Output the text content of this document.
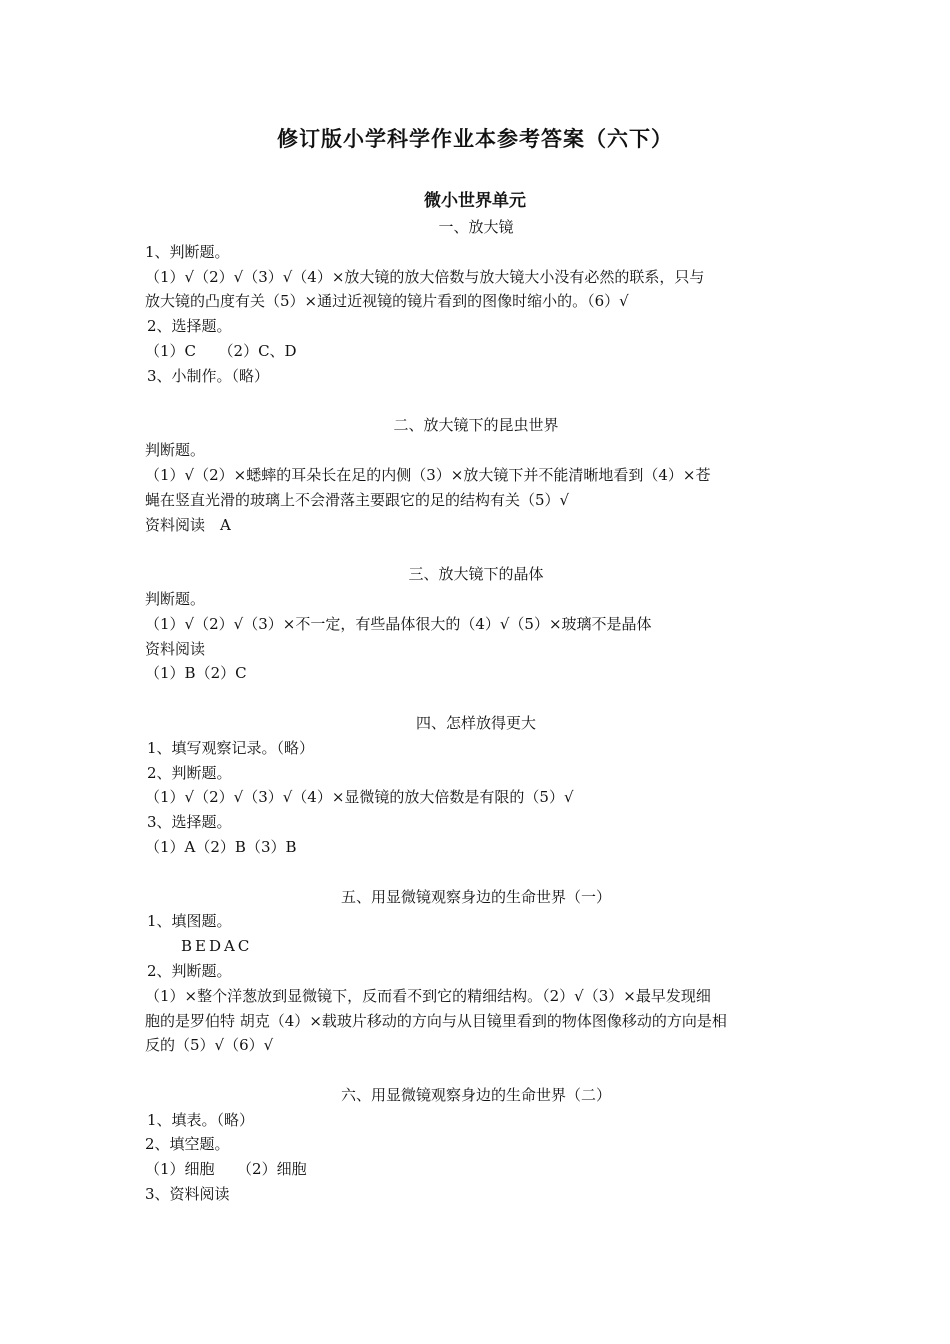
修订版小学科学作业本参考答案（六下）
微小世界单元
一、放大镜
1、判断题。
（1）√（2）√（3）√（4）×放大镜的放大倍数与放大镜大小没有必然的联系，只与
放大镜的凸度有关（5）×通过近视镜的镜片看到的图像时缩小的。（6）√
2、选择题。
（1）C　　（2）C、D
3、小制作。（略）
二、放大镜下的昆虫世界
判断题。
（1）√（2）×蟋蟀的耳朵长在足的内侧（3）×放大镜下并不能清晰地看到（4）×苍
蝇在竖直光滑的玻璃上不会滑落主要跟它的足的结构有关（5）√
资料阅读　A
三、放大镜下的晶体
判断题。
（1）√（2）√（3）×不一定，有些晶体很大的（4）√（5）×玻璃不是晶体
资料阅读
（1）B（2）C
四、怎样放得更大
1、填写观察记录。（略）
2、判断题。
（1）√（2）√（3）√（4）×显微镜的放大倍数是有限的（5）√
3、选择题。
（1）A（2）B（3）B
五、用显微镜观察身边的生命世界（一）
1、填图题。
BEDAC
2、判断题。
（1）×整个洋葱放到显微镜下，反而看不到它的精细结构。（2）√（3）×最早发现细
胞的是罗伯特 胡克（4）×载玻片移动的方向与从目镜里看到的物体图像移动的方向是相
反的（5）√（6）√
六、用显微镜观察身边的生命世界（二）
1、填表。（略）
2、填空题。
（1）细胞　　（2）细胞
3、资料阅读
